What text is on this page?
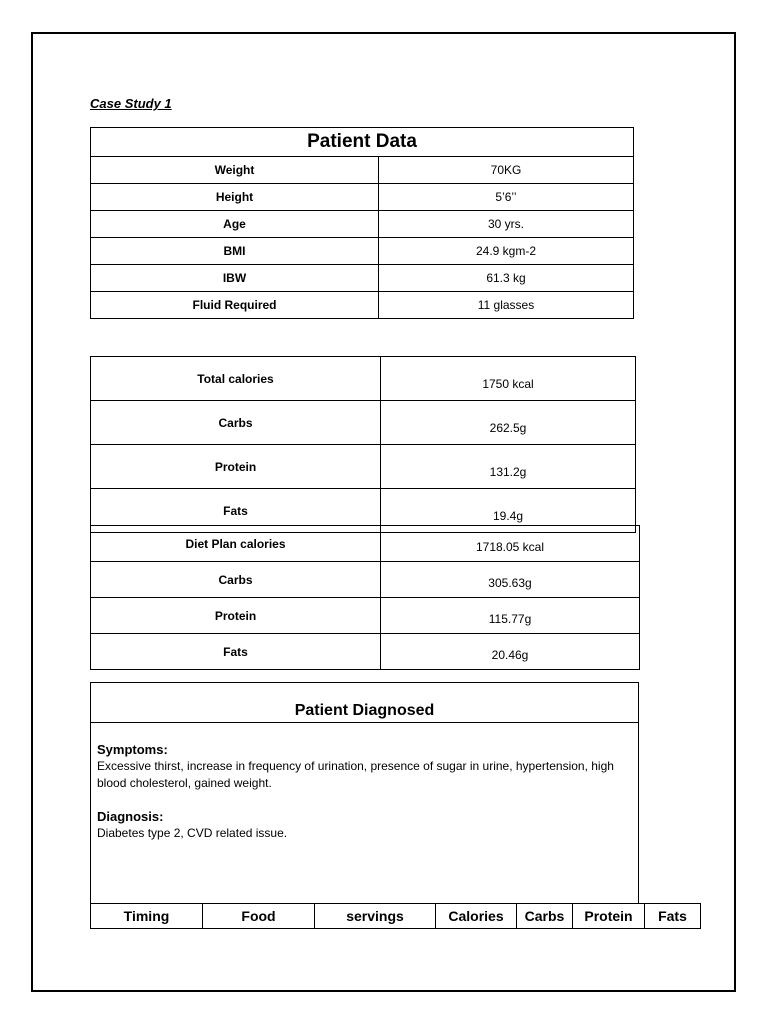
Case Study 1
Patient Data	
Weight	70KG
Height	5’6’’
Age	30 yrs.
BMI	24.9 kgm-2
IBW	61.3 kg
Fluid Required	11 glasses
Total calories	1750 kcal
Carbs	262.5g
Protein	131.2g
Fats	19.4g
Diet Plan calories	1718.05 kcal
Carbs	305.63g
Protein	115.77g
Fats	20.46g
Patient Diagnosed
Symptoms:
Excessive thirst, increase in frequency of urination, presence of sugar in urine, hypertension, high blood cholesterol, gained weight.
Diagnosis:
Diabetes type 2, CVD related issue.
Timing	Food	servings	Calories	Carbs	Protein	Fats
